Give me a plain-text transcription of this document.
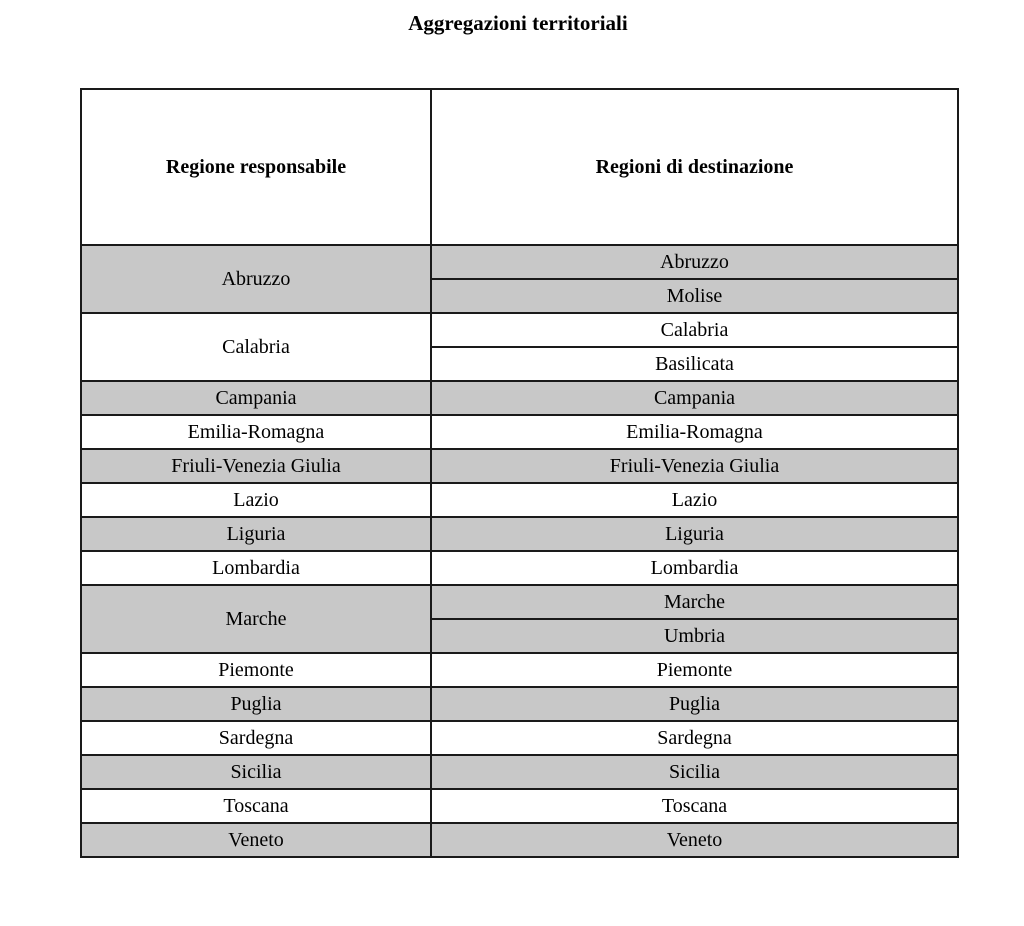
Aggregazioni territoriali
Regione responsabile	Regioni di destinazione
Abruzzo	Abruzzo
	Molise
Calabria	Calabria
	Basilicata
Campania	Campania
Emilia-Romagna	Emilia-Romagna
Friuli-Venezia Giulia	Friuli-Venezia Giulia
Lazio	Lazio
Liguria	Liguria
Lombardia	Lombardia
Marche	Marche
	Umbria
Piemonte	Piemonte
Puglia	Puglia
Sardegna	Sardegna
Sicilia	Sicilia
Toscana	Toscana
Veneto	Veneto
